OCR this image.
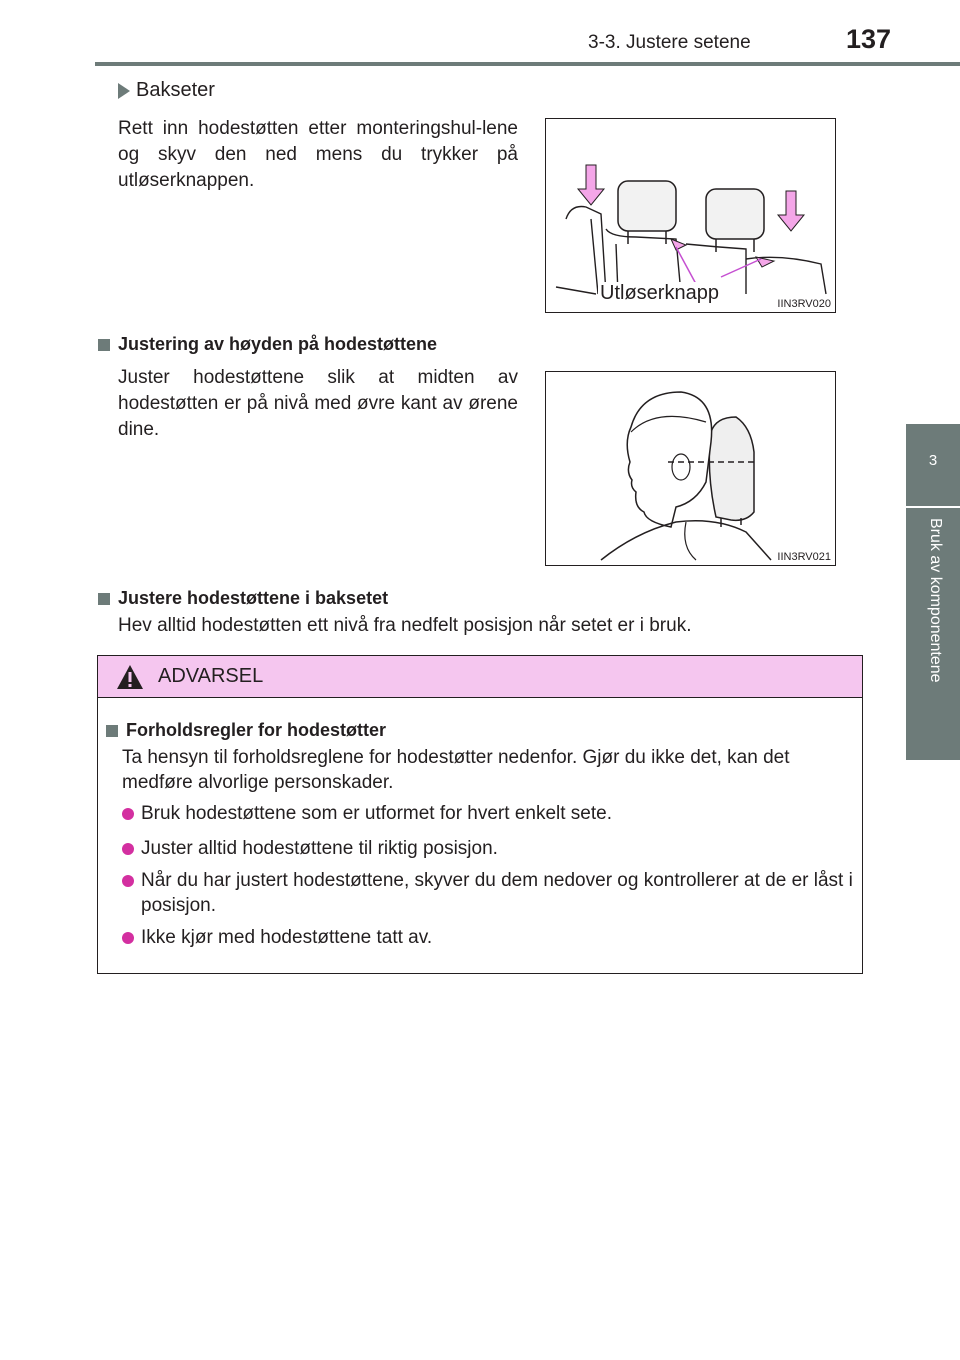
3-3. Justere setene	137
3
Bruk av komponentene
Bakseter
Rett inn hodestøtten etter monteringshul-lene og skyv den ned mens du trykker på utløserknappen.
Utløserknapp	IIN3RV020
Justering av høyden på hodestøttene
Juster hodestøttene slik at midten av hodestøtten er på nivå med øvre kant av ørene dine.
IIN3RV021
Justere hodestøttene i baksetet
Hev alltid hodestøtten ett nivå fra nedfelt posisjon når setet er i bruk.
ADVARSEL
Forholdsregler for hodestøtter
Ta hensyn til forholdsreglene for hodestøtter nedenfor. Gjør du ikke det, kan det medføre alvorlige personskader.
Bruk hodestøttene som er utformet for hvert enkelt sete.
Juster alltid hodestøttene til riktig posisjon.
Når du har justert hodestøttene, skyver du dem nedover og kontrollerer at de er låst i posisjon.
Ikke kjør med hodestøttene tatt av.
